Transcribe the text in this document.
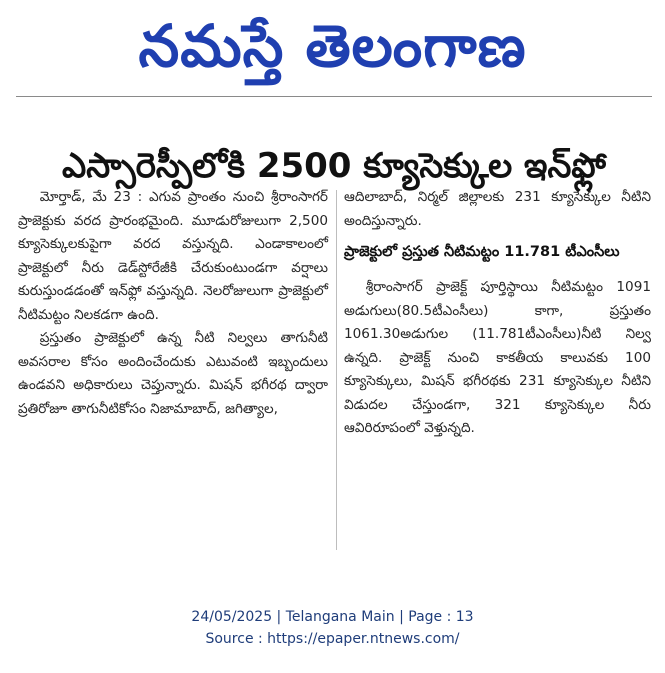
నమస్తే తెలంగాణ
ఎస్సారెస్పీలోకి 2500 క్యూసెక్కుల ఇన్‌ఫ్లో

మోర్తాడ్‌, మే 23 : ఎగువ ప్రాంతం నుంచి శ్రీరాంసాగర్‌ ప్రాజెక్టుకు వరద ప్రారంభమైంది. మూడురోజులుగా 2,500 క్యూసెక్కులకుపైగా వరద వస్తున్నది. ఎండాకాలంలో ప్రాజెక్టులో నీరు డెడ్‌స్టోరేజీకి చేరుకుంటుండగా వర్షాలు కురుస్తుండడంతో ఇన్‌ఫ్లో వస్తున్నది. నెలరోజులుగా ప్రాజెక్టులో నీటిమట్టం నిలకడగా ఉంది.

ప్రస్తుతం ప్రాజెక్టులో ఉన్న నీటి నిల్వలు తాగునీటి అవసరాల కోసం అందించేందుకు ఎటువంటి ఇబ్బందులు ఉండవని అధికారులు చెప్తున్నారు. మిషన్‌ భగీరథ ద్వారా ప్రతిరోజూ తాగునీటికోసం నిజామాబాద్‌, జగిత్యాల,

ఆదిలాబాద్‌, నిర్మల్‌ జిల్లాలకు 231 క్యూసెక్కుల నీటిని అందిస్తున్నారు.

ప్రాజెక్టులో ప్రస్తుత నీటిమట్టం 11.781 టీఎంసీలు

శ్రీరాంసాగర్‌ ప్రాజెక్ట్‌ పూర్తిస్థాయి నీటిమట్టం 1091 అడుగులు(80.5టీఎంసీలు) కాగా, ప్రస్తుతం 1061.30అడుగుల (11.781టీఎంసీలు)నీటి నిల్వ ఉన్నది. ప్రాజెక్ట్‌ నుంచి కాకతీయ కాలువకు 100 క్యూసెక్కులు, మిషన్‌ భగీరథకు 231 క్యూసెక్కుల నీటిని విడుదల చేస్తుండగా, 321 క్యూసెక్కుల నీరు ఆవిరిరూపంలో వెళ్తున్నది.

24/05/2025 | Telangana Main | Page : 13
Source : https://epaper.ntnews.com/
